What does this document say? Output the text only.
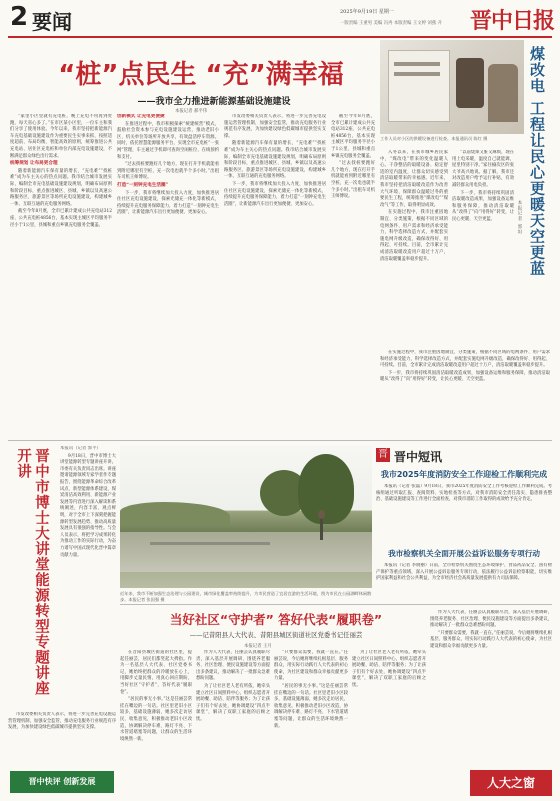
2 要闻	2025年9月19日 星期一
一版责编 王重男 美编 冯冉 本版责编 王文婷 刘燕 开 晋中日报
“桩”点民生 “充”满幸福
——我市全力推进新能源基础设施建设
本报记者 郝平伟

“家里小区里就有充电桩，晚上充电不用再到处跑，每天省心多了。”在市区某小区里，一位车主和我们分享了使用体验。今年以来，我市坚持把新能源汽车充电基础设施建设作为重要民生实事来抓，按照适度超前、布局均衡、智能高效的原则，统筹推进公共充电站、居住区充电桩和单位内部充电设施建设，不断满足群众绿色出行需求。

统筹规划 让布局更合理

随着新能源汽车保有量的增长，“充电难”“找桩难”成为车主关心的热点问题。我市结合城市发展实际，编制全市充电基础设施建设规划，明确布局原则和阶段目标，重点推进城区、县城、乡镇以及高速公路服务区、旅游景区等场所充电设施建设，构建城乡一体、互联互通的充电服务网络。

截至今年8月底，全市已累计建成公共充电站312座、公共充电桩4856台，基本实现主城区平均服务半径小于1公里，县城和重点乡镇充电服务全覆盖。

创新模式 让充电更便捷

在推进过程中，我市积极探索“统建统营”模式，鼓励社会资本参与充电设施建设运营，推动老旧小区、机关单位等场所开放共享，有效盘活停车资源。同时，依托智慧能源服务平台，实现全市充电桩“一张网”管理，车主通过手机即可查询空闲桩位、在线预约和支付。

“过去找桩要跑好几个地方，现在打开手机就能看到附近哪里有空桩，充一次电也就半个多小时。”出租车司机王师傅说。

打造“一刻钟充电生活圈”

下一步，我市将继续加大投入力度，加快推进居住社区充电设施建设，探索光储充一体化等新模式，持续提升充电服务保障能力，着力打造“一刻钟充电生活圈”，让新能源汽车出行更加便捷、更加安心。

市发改委相关负责人表示，将进一步完善充电设施运营管理机制，加强安全监管，推动充电服务行业规范有序发展，为加快建设绿色低碳城市提供坚实支撑。

随着新能源汽车保有量的增长，“充电难”“找桩难”成为车主关心的热点问题。我市结合城市发展实际，编制全市充电基础设施建设规划，明确布局原则和阶段目标，重点推进城区、县城、乡镇以及高速公路服务区、旅游景区等场所充电设施建设，构建城乡一体、互联互通的充电服务网络。

下一步，我市将继续加大投入力度，加快推进居住社区充电设施建设，探索光储充一体化等新模式，持续提升充电服务保障能力，着力打造“一刻钟充电生活圈”，让新能源汽车出行更加便捷、更加安心。

截至今年8月底，全市已累计建成公共充电站312座、公共充电桩4856台，基本实现主城区平均服务半径小于1公里，县城和重点乡镇充电服务全覆盖。

“过去找桩要跑好几个地方，现在打开手机就能看到附近哪里有空桩，充一次电也就半个多小时。”出租车司机王师傅说。

工作人员对小区的供暖设备进行检查。本报通讯员 陈红 摄	煤改电 工程让民心更暖天空更蓝
本报记者 郭坦

入冬以来，在我市城乡居民家中，“煤改电”带来的变化温暖人心。干净整洁的取暖设备、稳定舒适的室内温度，让群众切实感受到清洁取暖带来的幸福感。近年来，我市坚持把清洁取暖改造作为改善大气环境、保障群众温暖过冬的重要民生工程，统筹推进“煤改电”“煤改气”等工作，取得明显成效。

在实施过程中，我市注重因地制宜、分类施策，根据不同区域的电网条件、用户需求和经济承受能力，科学选择改造方式，并配套实施电网升级改造，确保改得好、用得起、可持续。目前，全市累计完成清洁取暖改造用户超过十万户，清洁取暖覆盖率稳步提升。

“以前烧煤又脏又麻烦，现在用上电采暖，温度自己就能调，屋里特别干净。”家住榆次区的张大爷高兴地说。据了解，我市还对改造用户给予运行补贴，有效减轻群众用电负担。

下一步，我市将持续巩固清洁取暖改造成果，加强设备运维和服务保障，推动清洁取暖从“改得了”向“用得好”转变，让民心更暖、天空更蓝。

在实施过程中，我市注重因地制宜、分类施策，根据不同区域的电网条件、用户需求和经济承受能力，科学选择改造方式，并配套实施电网升级改造，确保改得好、用得起、可持续。目前，全市累计完成清洁取暖改造用户超过十万户，清洁取暖覆盖率稳步提升。

下一步，我市将持续巩固清洁取暖改造成果，加强设备运维和服务保障，推动清洁取暖从“改得了”向“用得好”转变，让民心更暖、天空更蓝。

本报讯（记者 郭平）

9月18日，晋中市博士大讲堂能源转型专题讲座开讲。市委有关负责同志出席。讲座邀请能源领域专家学者作专题报告，围绕能源革命综合改革试点、新型能源体系建设、煤炭清洁高效利用、新能源产业发展等内容进行深入解读和系统阐述，内容丰富、观点鲜明，对于全市上下深刻把握能源转型发展趋势、推动高质量发展具有很强的指导性。与会人员表示，将把学习成果转化为推动工作的实际行动，为奋力谱写中国式现代化晋中篇章贡献力量。

晋中市博士大讲堂能源转型专题讲座开讲

市发改委相关负责人表示，将进一步完善充电设施运营管理机制，加强安全监管，推动充电服务行业规范有序发展，为加快建设绿色低碳城市提供坚实支撑。

晋中快评 创新发展
近年来，我市不断加强生态治理与公园建设，城市绿化覆盖率持续提升，为市民营造了宜居宜游的生活环境，图为市民在公园湖畔休闲散步。本报记者 张国强 摄
晋 晋中短讯
我市2025年度消防安全工作迎检工作顺利完成

本报讯（记者 张磊）9月18日，我市2025年度消防安全工作考核迎检工作顺利完成。考核组通过听取汇报、查阅资料、实地检查等方式，对我市消防安全责任落实、隐患排查整治、基础设施建设等工作进行全面检查，对我市消防工作取得的成效给予充分肯定。

我市检察机关全面开展公益诉讼服务专项行动

本报讯（记者 李晓丽）日前，全市检察机关围绕生态环境保护、食品药品安全、国有财产保护等重点领域，深入开展公益诉讼服务专项行动，依法履行公益诉讼检察职能，切实维护国家利益和社会公共利益，为全市经济社会高质量发展提供有力司法保障。

当好社区“守护者” 答好代表“履职卷”
——记昔阳县人大代表、昔阳县城区街道社区党委书记任丽芸
本报记者 王月

在昔阳县城区街道的社区里，提起任丽芸，居民们都竖起大拇指。作为一名基层人大代表、社区党委书记，她始终把群众的冷暖放在心上，用脚步丈量民情，用真心回应期盼，当好社区“守护者”，答好代表“履职卷”。

“居民的事无小事。”这是任丽芸常挂在嘴边的一句话。社区里老旧小区较多，基础设施薄弱，她多次走访居民、收集意见，积极推动老旧小区改造，协调解决停车难、路灯不亮、下水管道堵塞等问题，让群众的生活环境焕然一新。

作为人大代表，任丽芸认真履职尽责，深入基层开展调研，围绕养老服务、社区治理、便民设施建设等方面提出多条建议，推动解决了一批群众急难愁盼问题。

为了让社区老人老有所依，她牵头建立社区日间照料中心，组织志愿者开展助餐、助洁、陪伴等服务；为了让孩子们有个好去处，她协调建设“四点半课堂”，解决了双职工家庭的后顾之忧。

“只要群众需要，我就一直在。”任丽芸说，今后她将继续扎根基层、服务群众，用实际行动践行人大代表的初心使命，为社区建设和群众幸福贡献更多力量。

“居民的事无小事。”这是任丽芸常挂在嘴边的一句话。社区里老旧小区较多，基础设施薄弱，她多次走访居民、收集意见，积极推动老旧小区改造，协调解决停车难、路灯不亮、下水管道堵塞等问题，让群众的生活环境焕然一新。

为了让社区老人老有所依，她牵头建立社区日间照料中心，组织志愿者开展助餐、助洁、陪伴等服务；为了让孩子们有个好去处，她协调建设“四点半课堂”，解决了双职工家庭的后顾之忧。

作为人大代表，任丽芸认真履职尽责，深入基层开展调研，围绕养老服务、社区治理、便民设施建设等方面提出多条建议，推动解决了一批群众急难愁盼问题。

“只要群众需要，我就一直在。”任丽芸说，今后她将继续扎根基层、服务群众，用实际行动践行人大代表的初心使命，为社区建设和群众幸福贡献更多力量。

人大之窗
